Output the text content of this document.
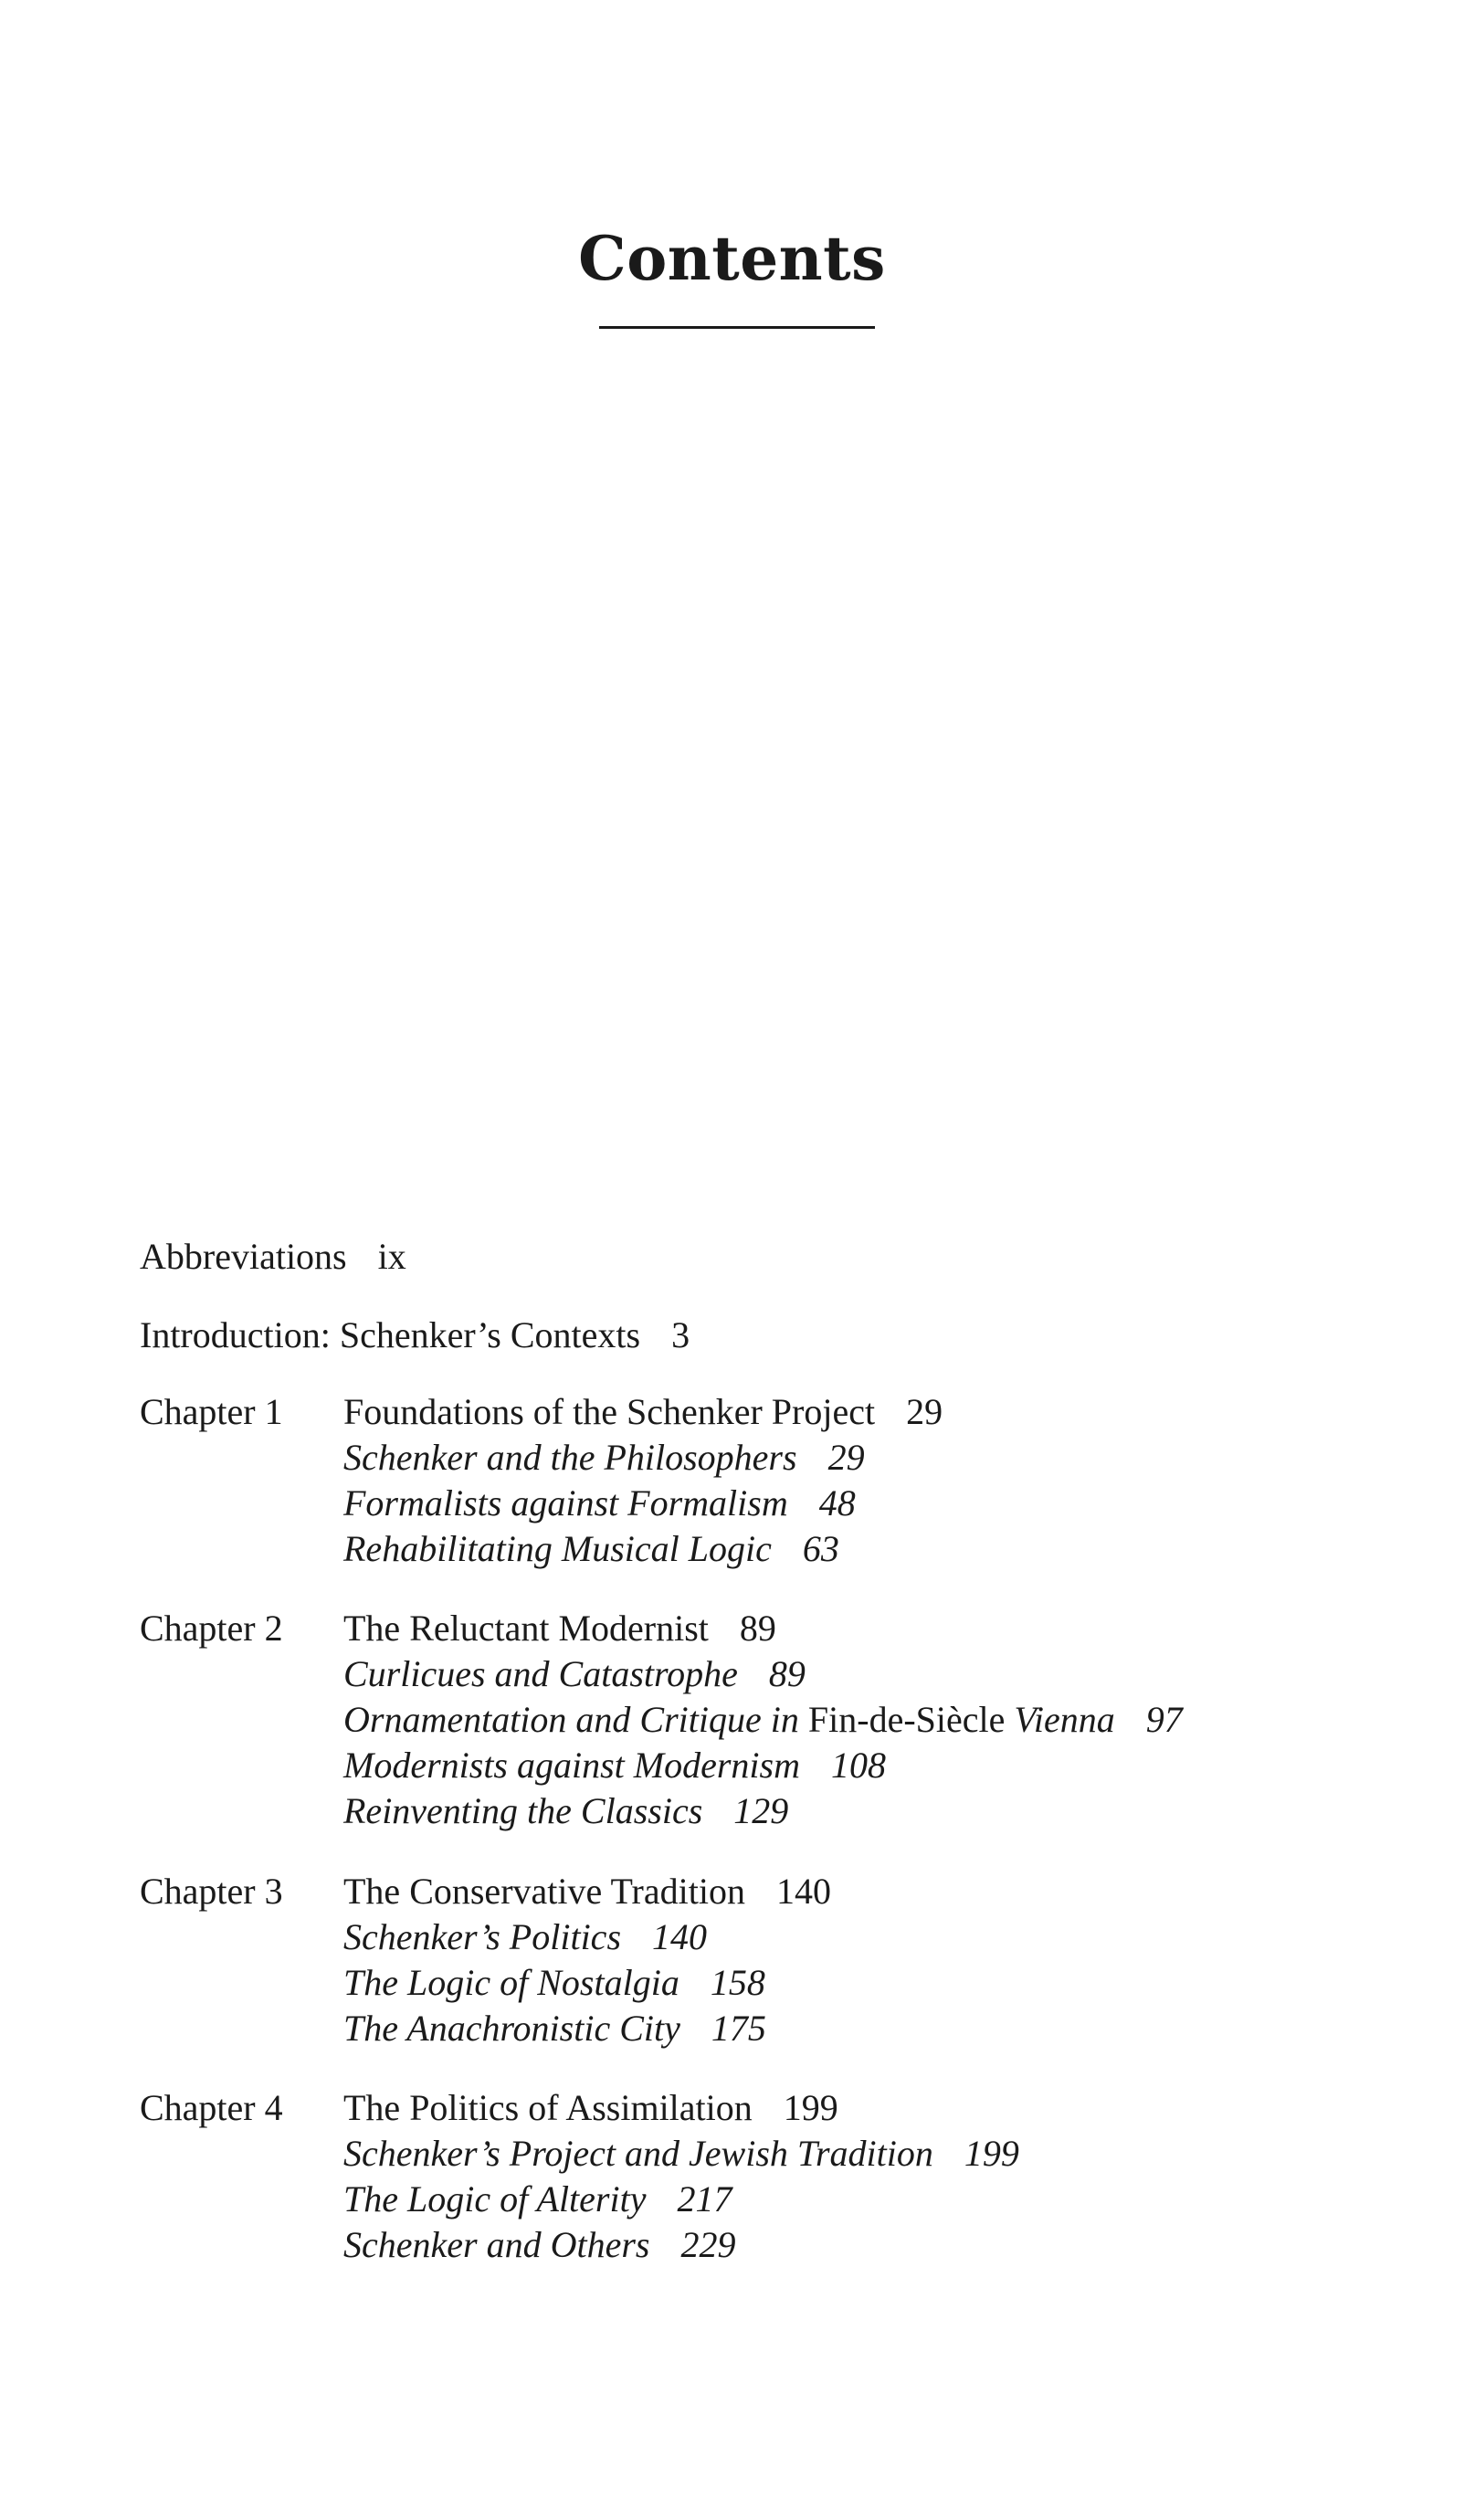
Contents
Abbreviations ix
Introduction: Schenker’s Contexts 3
Chapter 1 Foundations of the Schenker Project 29
Schenker and the Philosophers 29
Formalists against Formalism 48
Rehabilitating Musical Logic 63
Chapter 2 The Reluctant Modernist 89
Curlicues and Catastrophe 89
Ornamentation and Critique in Fin-de-Siècle Vienna 97
Modernists against Modernism 108
Reinventing the Classics 129
Chapter 3 The Conservative Tradition 140
Schenker’s Politics 140
The Logic of Nostalgia 158
The Anachronistic City 175
Chapter 4 The Politics of Assimilation 199
Schenker’s Project and Jewish Tradition 199
The Logic of Alterity 217
Schenker and Others 229
